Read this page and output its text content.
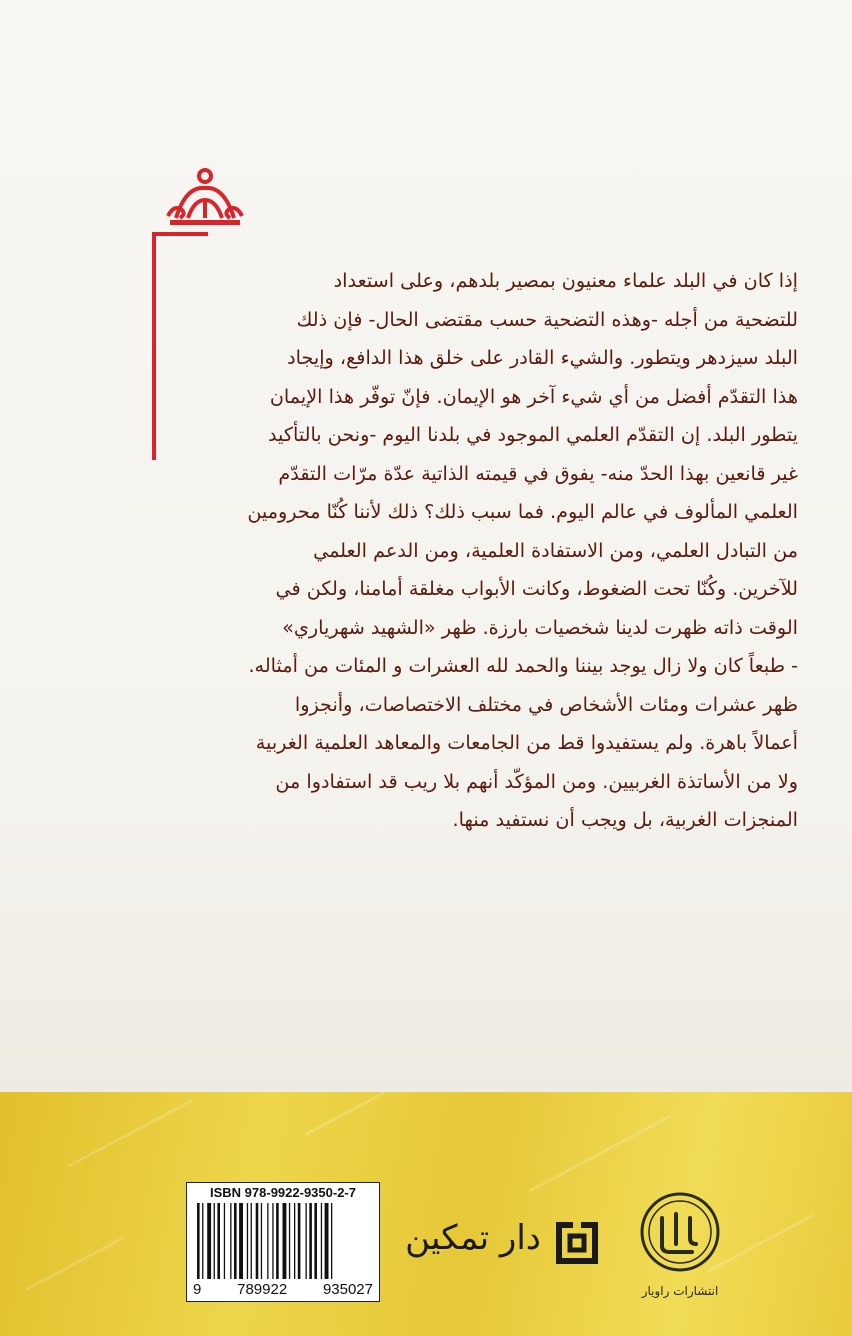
إذا كان في البلد علماء معنيون بمصير بلدهم، وعلى استعداد

للتضحية من أجله -وهذه التضحية حسب مقتضى الحال- فإن ذلك

البلد سيزدهر ويتطور. والشيء القادر على خلق هذا الدافع، وإيجاد

هذا التقدّم أفضل من أي شيء آخر هو الإيمان. فإنّ توفّر هذا الإيمان

يتطور البلد. إن التقدّم العلمي الموجود في بلدنا اليوم -ونحن بالتأكيد

غير قانعين بهذا الحدّ منه- يفوق في قيمته الذاتية عدّة مرّات التقدّم

العلمي المألوف في عالم اليوم. فما سبب ذلك؟ ذلك لأننا كُنّا محرومين

من التبادل العلمي، ومن الاستفادة العلمية، ومن الدعم العلمي

للآخرين. وكُنّا تحت الضغوط، وكانت الأبواب مغلقة أمامنا، ولكن في

الوقت ذاته ظهرت لدينا شخصيات بارزة. ظهر «الشهيد شهرياري»

- طبعاً كان ولا زال يوجد بيننا والحمد لله العشرات و المئات من أمثاله.

ظهر عشرات ومئات الأشخاص في مختلف الاختصاصات، وأنجزوا

أعمالاً باهرة. ولم يستفيدوا قط من الجامعات والمعاهد العلمية الغربية

ولا من الأساتذة الغربيين. ومن المؤكّد أنهم بلا ريب قد استفادوا من

المنجزات الغربية، بل ويجب أن نستفيد منها.

ISBN 978-9922-9350-2-7
9 789922 935027
دار تمكين
انتشارات راويار
